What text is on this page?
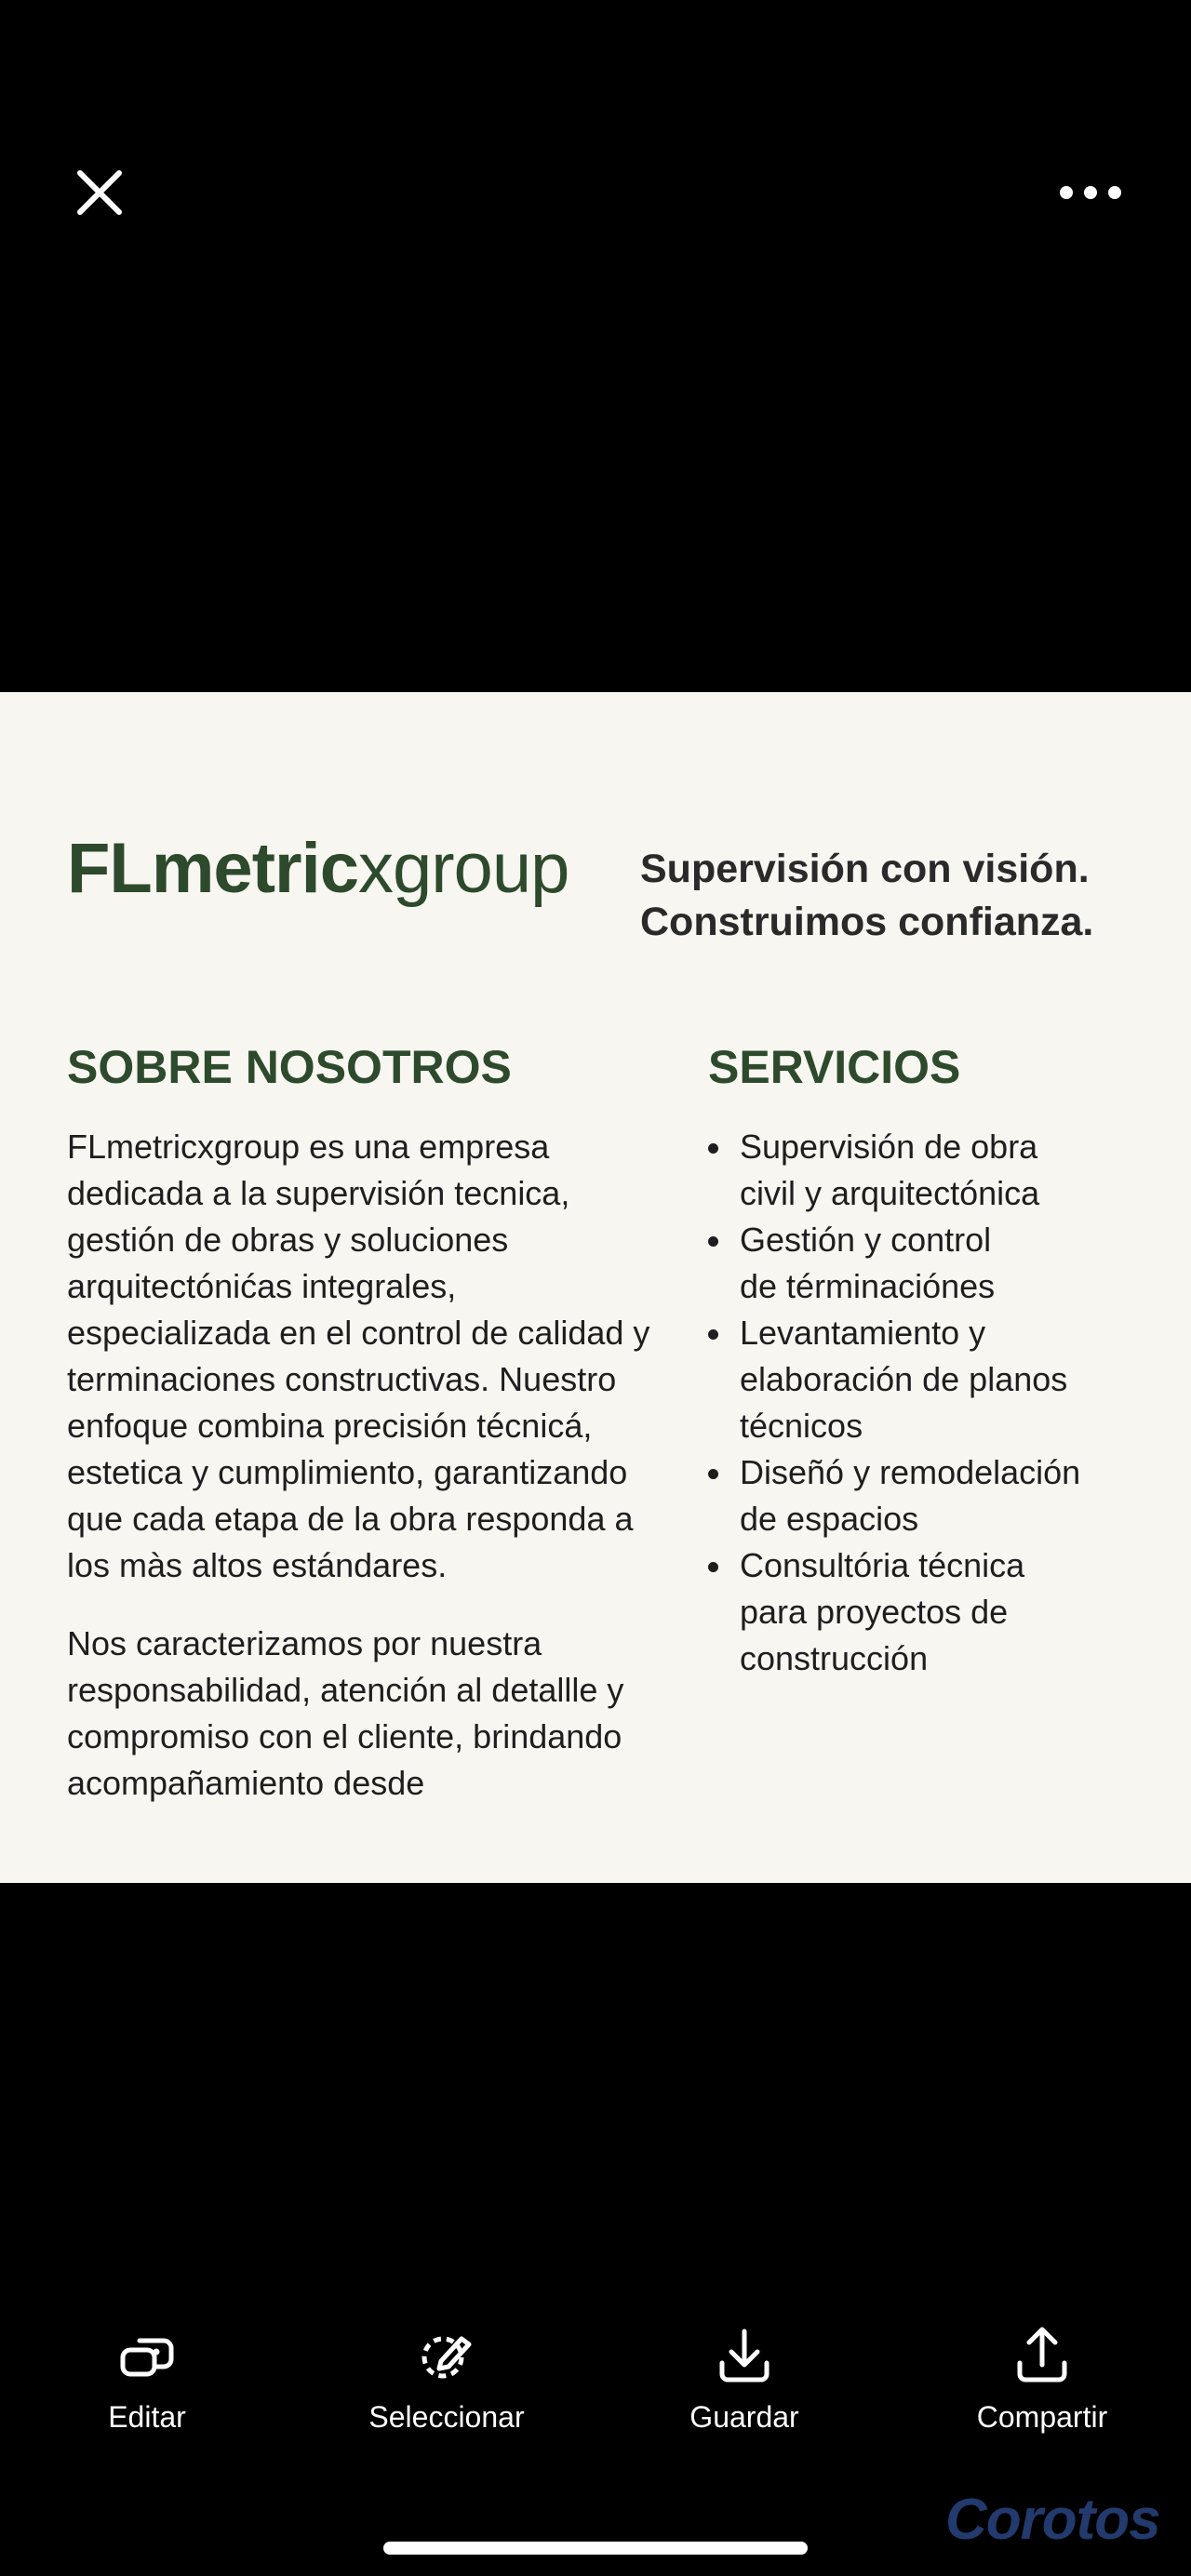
FLmetricxgroup Supervisión con visión.
Construimos confianza.
SOBRE NOSOTROS	SERVICIOS

FLmetricxgroup es una empresa dedicada a la supervisión tecnica, gestión de obras y soluciones arquitectónićas integrales, especializada en el control de calidad y terminaciones constructivas. Nuestro enfoque combina precisión técnicá, estetica y cumplimiento, garantizando que cada etapa de la obra responda a los màs altos estándares.

Nos caracterizamos por nuestra responsabilidad, atención al detallle y compromiso con el cliente, brindando acompañamiento desde

Supervisión de obra
civil y arquitectónica
Gestión y control
de términaciónes
Levantamiento y
elaboración de planos
técnicos
Diseñó y remodelación
de espacios
Consultória técnica
para proyectos de
construcción
Editar	Seleccionar	Guardar	Compartir
Corotos
